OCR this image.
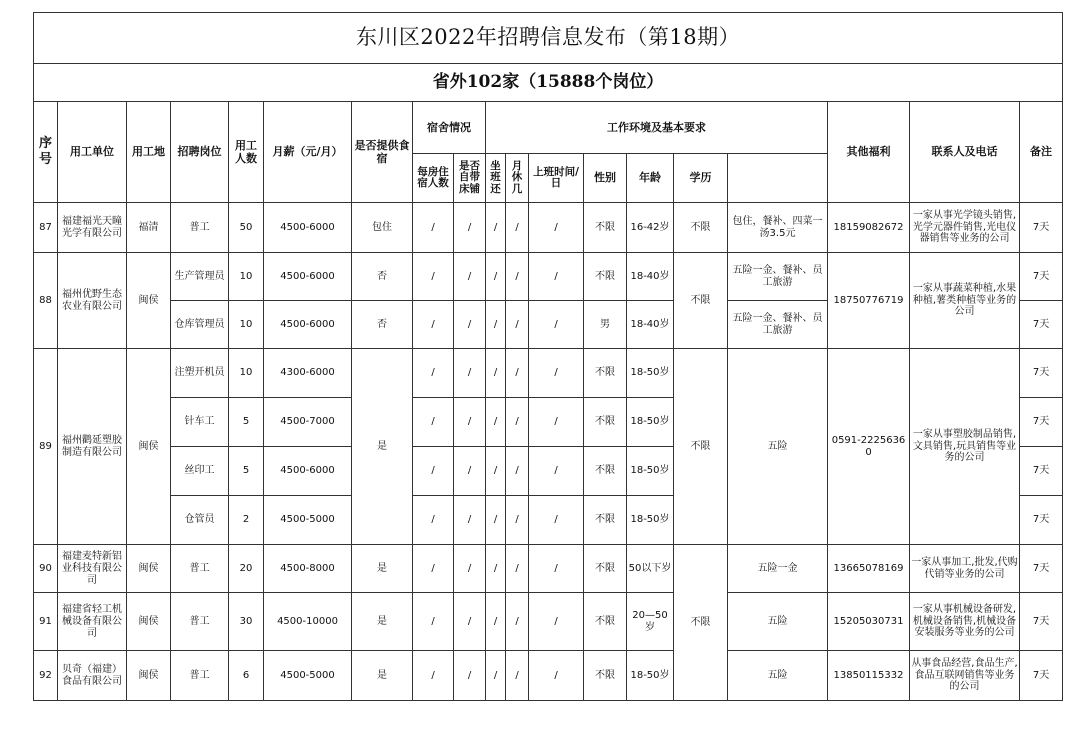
东川区2022年招聘信息发布（第18期）																			
省外102家（15888个岗位）																			
序号	用工单位	用工地	招聘岗位	用工人数	月薪（元/月）	是否提供食宿	宿舍情况		工作环境及基本要求							其他福利	联系人及电话	备注	
							每房住宿人数	是否自带床铺	坐班还	月休几	上班时间/日	性别	年龄	学历					
87	福建福光天瞳光学有限公司	福清	普工	50	4500-6000	包住	/	/	/	/	/	不限	16-42岁	不限	包住，餐补、四菜一汤3.5元	18159082672	一家从事光学镜头销售,光学元器件销售,光电仪器销售等业务的公司	7天	
88	福州优野生态农业有限公司	闽侯	生产管理员	10	4500-6000	否	/	/	/	/	/	不限	18-40岁	不限	五险一金、餐补、员工旅游	18750776719	一家从事蔬菜种植,水果种植,薯类种植等业务的公司	7天	
			仓库管理员	10	4500-6000	否	/	/	/	/	/	男	18-40岁		五险一金、餐补、员工旅游			7天	
89	福州鹳延塑胶制造有限公司	闽侯	注塑开机员	10	4300-6000	是	/	/	/	/	/	不限	18-50岁	不限	五险	0591-22256360	一家从事塑胶制品销售,文具销售,玩具销售等业务的公司	7天	
			针车工	5	4500-7000		/	/	/	/	/	不限	18-50岁					7天	
			丝印工	5	4500-6000		/	/	/	/	/	不限	18-50岁					7天	
			仓管员	2	4500-5000		/	/	/	/	/	不限	18-50岁					7天	
90	福建麦特新铝业科技有限公司	闽侯	普工	20	4500-8000	是	/	/	/	/	/	不限	50以下岁	不限	五险一金	13665078169	一家从事加工,批发,代购代销等业务的公司	7天	
91	福建省轻工机械设备有限公司	闽侯	普工	30	4500-10000	是	/	/	/	/	/	不限	20—50岁		五险	15205030731	一家从事机械设备研发,机械设备销售,机械设备安装服务等业务的公司	7天	
92	贝奇（福建）食品有限公司	闽侯	普工	6	4500-5000	是	/	/	/	/	/	不限	18-50岁		五险	13850115332	从事食品经营,食品生产,食品互联网销售等业务的公司	7天	
